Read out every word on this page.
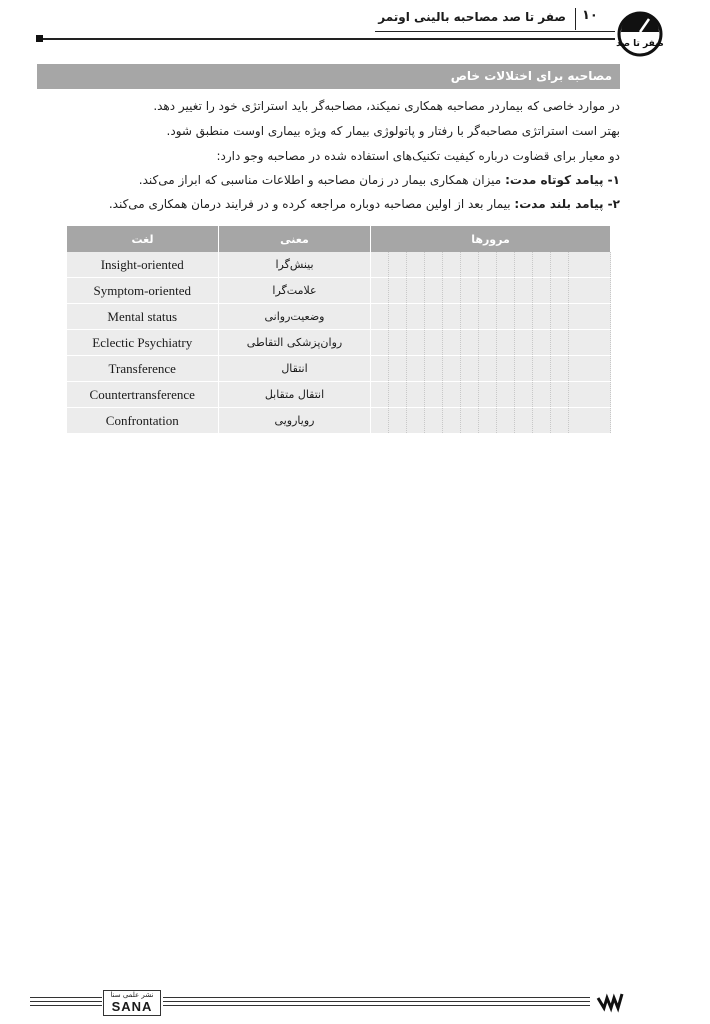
صفر تا صد مصاحبه بالینی اوتمر ۱۰
صفر تا صد
مصاحبه برای اختلالات خاص
در موارد خاصی که بیماردر مصاحبه همکاری نمیکند، مصاحبه‌گر باید استراتژی خود را تغییر دهد.
بهتر است استراتژی مصاحبه‌گر با رفتار و پاتولوژی بیمار که ویژه بیماری اوست منطبق شود.
دو معیار برای قضاوت درباره کیفیت تکنیک‌های استفاده شده در مصاحبه وجو دارد:
۱- پیامد کوتاه مدت: میزان همکاری بیمار در زمان مصاحبه و اطلاعات مناسبی که ابراز می‌کند.
۲- پیامد بلند مدت: بیمار بعد از اولین مصاحبه دوباره مراجعه کرده و در فرایند درمان همکاری می‌کند.
لغت	معنی	مرورها											
Insight-oriented	بینش‌گرا												
Symptom-oriented	علامت‌گرا												
Mental status	وضعیت‌روانی												
Eclectic Psychiatry	روان‌پزشکی التقاطی												
Transference	انتقال												
Countertransference	انتقال متقابل												
Confrontation	رویارویی												
نشر علمی سنا
SANA
